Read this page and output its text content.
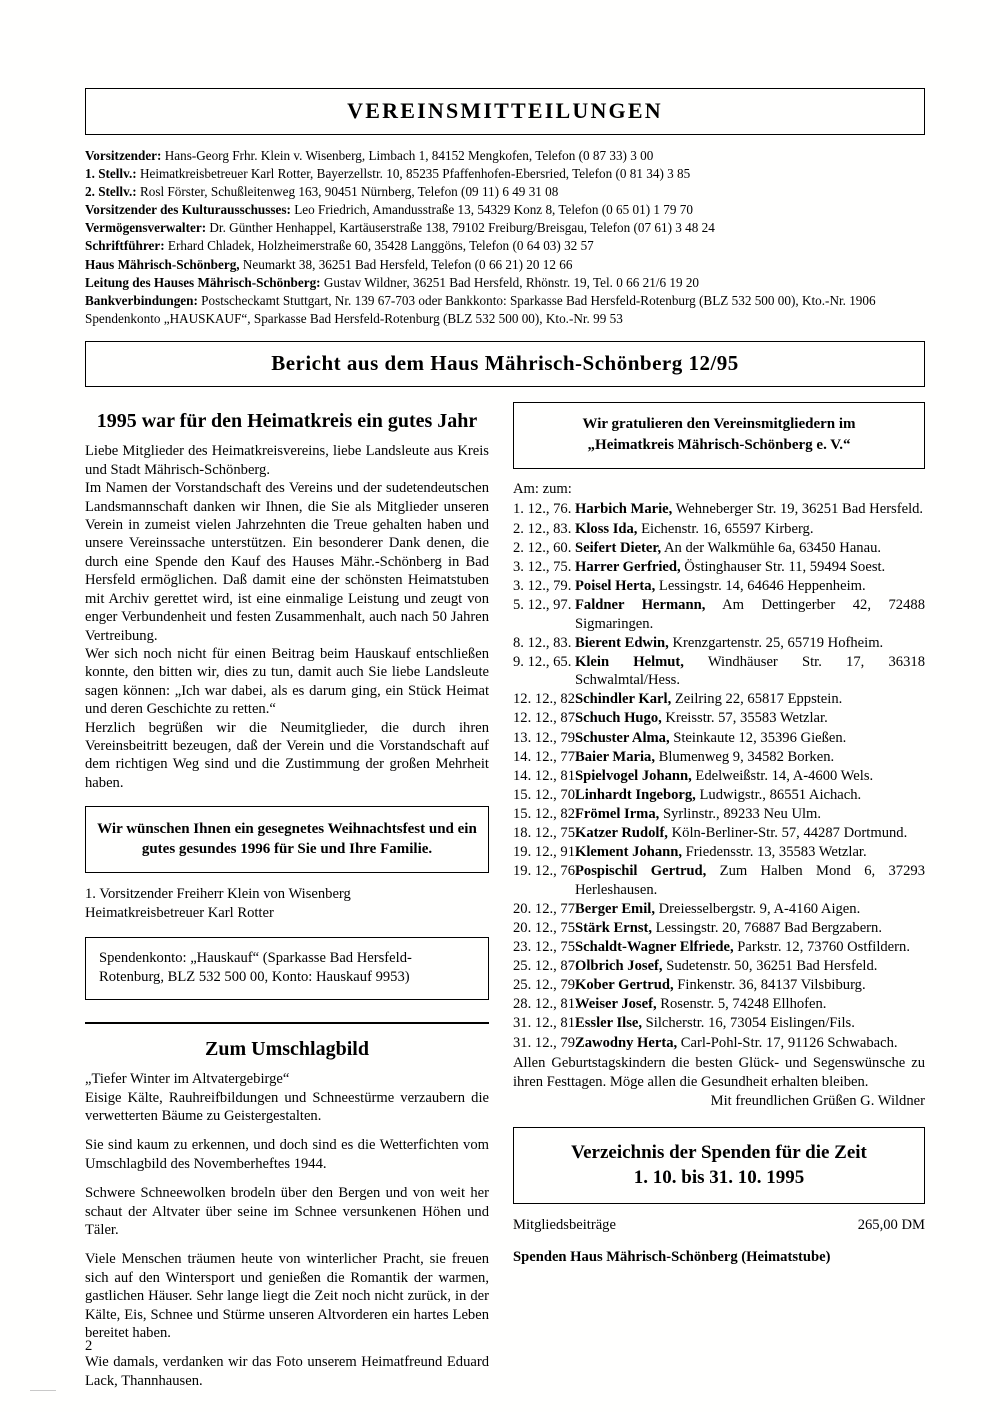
VEREINSMITTEILUNGEN
Vorsitzender: Hans-Georg Frhr. Klein v. Wisenberg, Limbach 1, 84152 Mengkofen, Telefon (0 87 33) 3 00
1. Stellv.: Heimatkreisbetreuer Karl Rotter, Bayerzellstr. 10, 85235 Pfaffenhofen-Ebersried, Telefon (0 81 34) 3 85
2. Stellv.: Rosl Förster, Schußleitenweg 163, 90451 Nürnberg, Telefon (09 11) 6 49 31 08
Vorsitzender des Kulturausschusses: Leo Friedrich, Amandusstraße 13, 54329 Konz 8, Telefon (0 65 01) 1 79 70
Vermögensverwalter: Dr. Günther Henhappel, Kartäuserstraße 138, 79102 Freiburg/Breisgau, Telefon (07 61) 3 48 24
Schriftführer: Erhard Chladek, Holzheimerstraße 60, 35428 Langgöns, Telefon (0 64 03) 32 57
Haus Mährisch-Schönberg, Neumarkt 38, 36251 Bad Hersfeld, Telefon (0 66 21) 20 12 66
Leitung des Hauses Mährisch-Schönberg: Gustav Wildner, 36251 Bad Hersfeld, Rhönstr. 19, Tel. 0 66 21/6 19 20
Bankverbindungen: Postscheckamt Stuttgart, Nr. 139 67-703 oder Bankkonto: Sparkasse Bad Hersfeld-Rotenburg (BLZ 532 500 00), Kto.-Nr. 1906
Spendenkonto „HAUSKAUF“, Sparkasse Bad Hersfeld-Rotenburg (BLZ 532 500 00), Kto.-Nr. 99 53
Bericht aus dem Haus Mährisch-Schönberg 12/95
1995 war für den Heimatkreis ein gutes Jahr

Liebe Mitglieder des Heimatkreisvereins, liebe Landsleute aus Kreis und Stadt Mährisch-Schönberg.

Im Namen der Vorstandschaft des Vereins und der sudetendeutschen Landsmannschaft danken wir Ihnen, die Sie als Mitglieder unseren Verein in zumeist vielen Jahrzehnten die Treue gehalten haben und unsere Vereinssache unterstützen. Ein besonderer Dank denen, die durch eine Spende den Kauf des Hauses Mähr.-Schönberg in Bad Hersfeld ermöglichen. Daß damit eine der schönsten Heimatstuben mit Archiv gerettet wird, ist eine einmalige Leistung und zeugt von enger Verbundenheit und festen Zusammenhalt, auch nach 50 Jahren Vertreibung.

Wer sich noch nicht für einen Beitrag beim Hauskauf entschließen konnte, den bitten wir, dies zu tun, damit auch Sie liebe Landsleute sagen können: „Ich war dabei, als es darum ging, ein Stück Heimat und deren Geschichte zu retten.“

Herzlich begrüßen wir die Neumitglieder, die durch ihren Vereinsbeitritt bezeugen, daß der Verein und die Vorstandschaft auf dem richtigen Weg sind und die Zustimmung der großen Mehrheit haben.

Wir wünschen Ihnen ein gesegnetes Weihnachtsfest und ein gutes gesundes 1996 für Sie und Ihre Familie.
1. Vorsitzender Freiherr Klein von Wisenberg
Heimatkreisbetreuer Karl Rotter
Spendenkonto: „Hauskauf“ (Sparkasse Bad Hersfeld-Rotenburg, BLZ 532 500 00, Konto: Hauskauf 9953)
Zum Umschlagbild

„Tiefer Winter im Altvatergebirge“

Eisige Kälte, Rauhreifbildungen und Schneestürme verzaubern die verwetterten Bäume zu Geistergestalten.

Sie sind kaum zu erkennen, und doch sind es die Wetterfichten vom Umschlagbild des Novemberheftes 1944.

Schwere Schneewolken brodeln über den Bergen und von weit her schaut der Altvater über seine im Schnee versunkenen Höhen und Täler.

Viele Menschen träumen heute von winterlicher Pracht, sie freuen sich auf den Wintersport und genießen die Romantik der warmen, gastlichen Häuser. Sehr lange liegt die Zeit noch nicht zurück, in der Kälte, Eis, Schnee und Stürme unseren Altvorderen ein hartes Leben bereitet haben.

Wie damals, verdanken wir das Foto unserem Heimatfreund Eduard Lack, Thannhausen.

Wir gratulieren den Vereinsmitgliedern im
„Heimatkreis Mährisch-Schönberg e. V.“
Am: zum:
1. 12., 76. Harbich Marie, Wehneberger Str. 19, 36251 Bad Hersfeld.
2. 12., 83. Kloss Ida, Eichenstr. 16, 65597 Kirberg.
2. 12., 60. Seifert Dieter, An der Walkmühle 6a, 63450 Hanau.
3. 12., 75. Harrer Gerfried, Östinghauser Str. 11, 59494 Soest.
3. 12., 79. Poisel Herta, Lessingstr. 14, 64646 Heppenheim.
5. 12., 97. Faldner Hermann, Am Dettingerber 42, 72488 Sigmaringen.
8. 12., 83. Bierent Edwin, Krenzgartenstr. 25, 65719 Hofheim.
9. 12., 65. Klein Helmut, Windhäuser Str. 17, 36318 Schwalmtal/Hess.
12. 12., 82.
Schindler Karl, Zeilring 22, 65817 Eppstein.
12. 12., 87.
Schuch Hugo, Kreisstr. 57, 35583 Wetzlar.
13. 12., 79.
Schuster Alma, Steinkaute 12, 35396 Gießen.
14. 12., 77.
Baier Maria, Blumenweg 9, 34582 Borken.
14. 12., 81.
Spielvogel Johann, Edelweißstr. 14, A-4600 Wels.
15. 12., 70.
Linhardt Ingeborg, Ludwigstr., 86551 Aichach.
15. 12., 82.
Frömel Irma, Syrlinstr., 89233 Neu Ulm.
18. 12., 75.
Katzer Rudolf, Köln-Berliner-Str. 57, 44287 Dortmund.
19. 12., 91.
Klement Johann, Friedensstr. 13, 35583 Wetzlar.
19. 12., 76.
Pospischil Gertrud, Zum Halben Mond 6, 37293 Herleshausen.
20. 12., 77.
Berger Emil, Dreiesselbergstr. 9, A-4160 Aigen.
20. 12., 75.
Stärk Ernst, Lessingstr. 20, 76887 Bad Bergzabern.
23. 12., 75.
Schaldt-Wagner Elfriede, Parkstr. 12, 73760 Ostfildern.
25. 12., 87.
Olbrich Josef, Sudetenstr. 50, 36251 Bad Hersfeld.
25. 12., 79.
Kober Gertrud, Finkenstr. 36, 84137 Vilsbiburg.
28. 12., 81.
Weiser Josef, Rosenstr. 5, 74248 Ellhofen.
31. 12., 81.
Essler Ilse, Silcherstr. 16, 73054 Eislingen/Fils.
31. 12., 79.
Zawodny Herta, Carl-Pohl-Str. 17, 91126 Schwabach.
Allen Geburtstagskindern die besten Glück- und Segenswünsche zu ihren Festtagen. Möge allen die Gesundheit erhalten bleiben.
Mit freundlichen Grüßen G. Wildner
Verzeichnis der Spenden für die Zeit
1. 10. bis 31. 10. 1995
Mitgliedsbeiträge	265,00 DM
Spenden Haus Mährisch-Schönberg (Heimatstube)
2
